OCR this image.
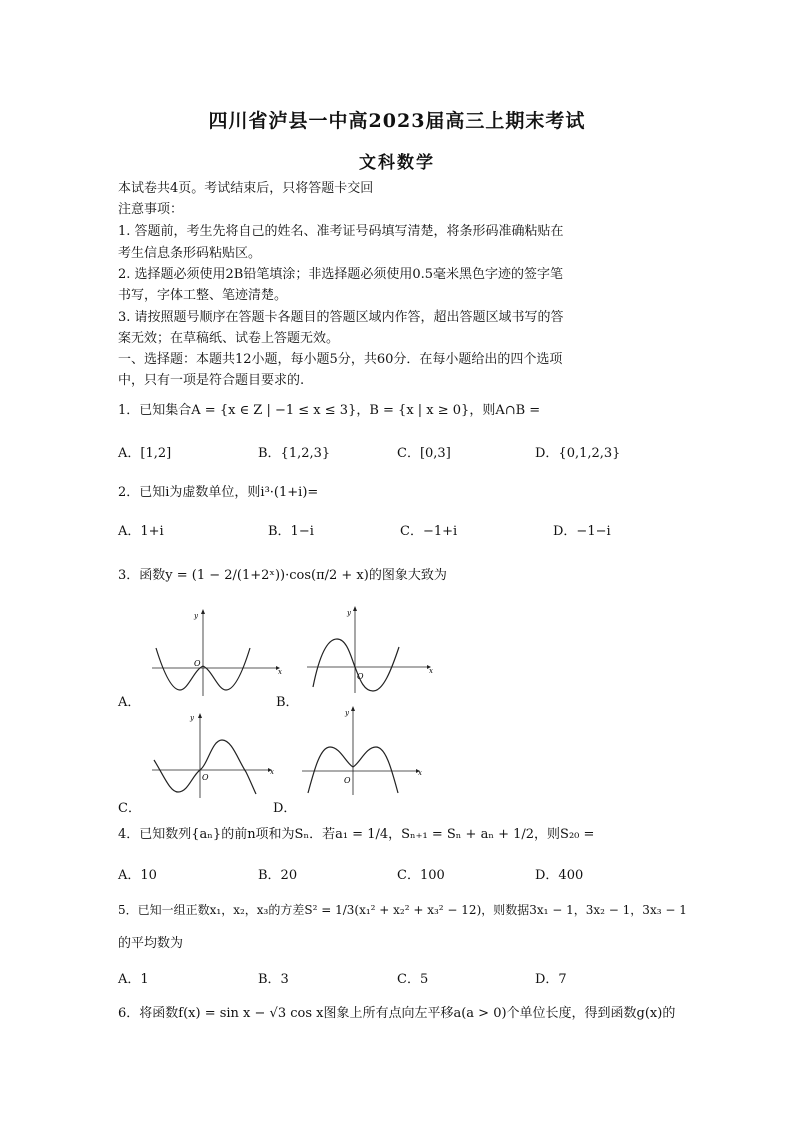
四川省泸县一中高2023届高三上期末考试
文科数学
本试卷共4页。考试结束后，只将答题卡交回
注意事项：
1. 答题前，考生先将自己的姓名、准考证号码填写清楚，将条形码准确粘贴在
考生信息条形码粘贴区。
2. 选择题必须使用2B铅笔填涂；非选择题必须使用0.5毫米黑色字迹的签字笔
书写，字体工整、笔迹清楚。
3. 请按照题号顺序在答题卡各题目的答题区域内作答，超出答题区域书写的答
案无效；在草稿纸、试卷上答题无效。
一、选择题：本题共12小题，每小题5分，共60分．在每小题给出的四个选项
中，只有一项是符合题目要求的.
1．已知集合A = {x ∈ Z | −1 ≤ x ≤ 3}，B = {x | x ≥ 0}，则A∩B =
A．[1,2]	B．{1,2,3}	C．[0,3]	D．{0,1,2,3}
2．已知i为虚数单位，则i³·(1+i)=
A．1+i	B．1−i	C．−1+i	D．−1−i
3．函数y = (1 − 2/(1+2ˣ))·cos(π/2 + x)的图象大致为
y
x
O
A．
y
x
O
B．
y
x
O
C．
y
x
O
D．
4．已知数列{aₙ}的前n项和为Sₙ．若a₁ = 1/4，Sₙ₊₁ = Sₙ + aₙ + 1/2，则S₂₀ =
A．10	B．20	C．100	D．400
5．已知一组正数x₁，x₂，x₃的方差S² = 1/3(x₁² + x₂² + x₃² − 12)，则数据3x₁ − 1，3x₂ − 1，3x₃ − 1
的平均数为
A．1	B．3	C．5	D．7
6．将函数f(x) = sin x − √3 cos x图象上所有点向左平移a(a > 0)个单位长度，得到函数g(x)的
